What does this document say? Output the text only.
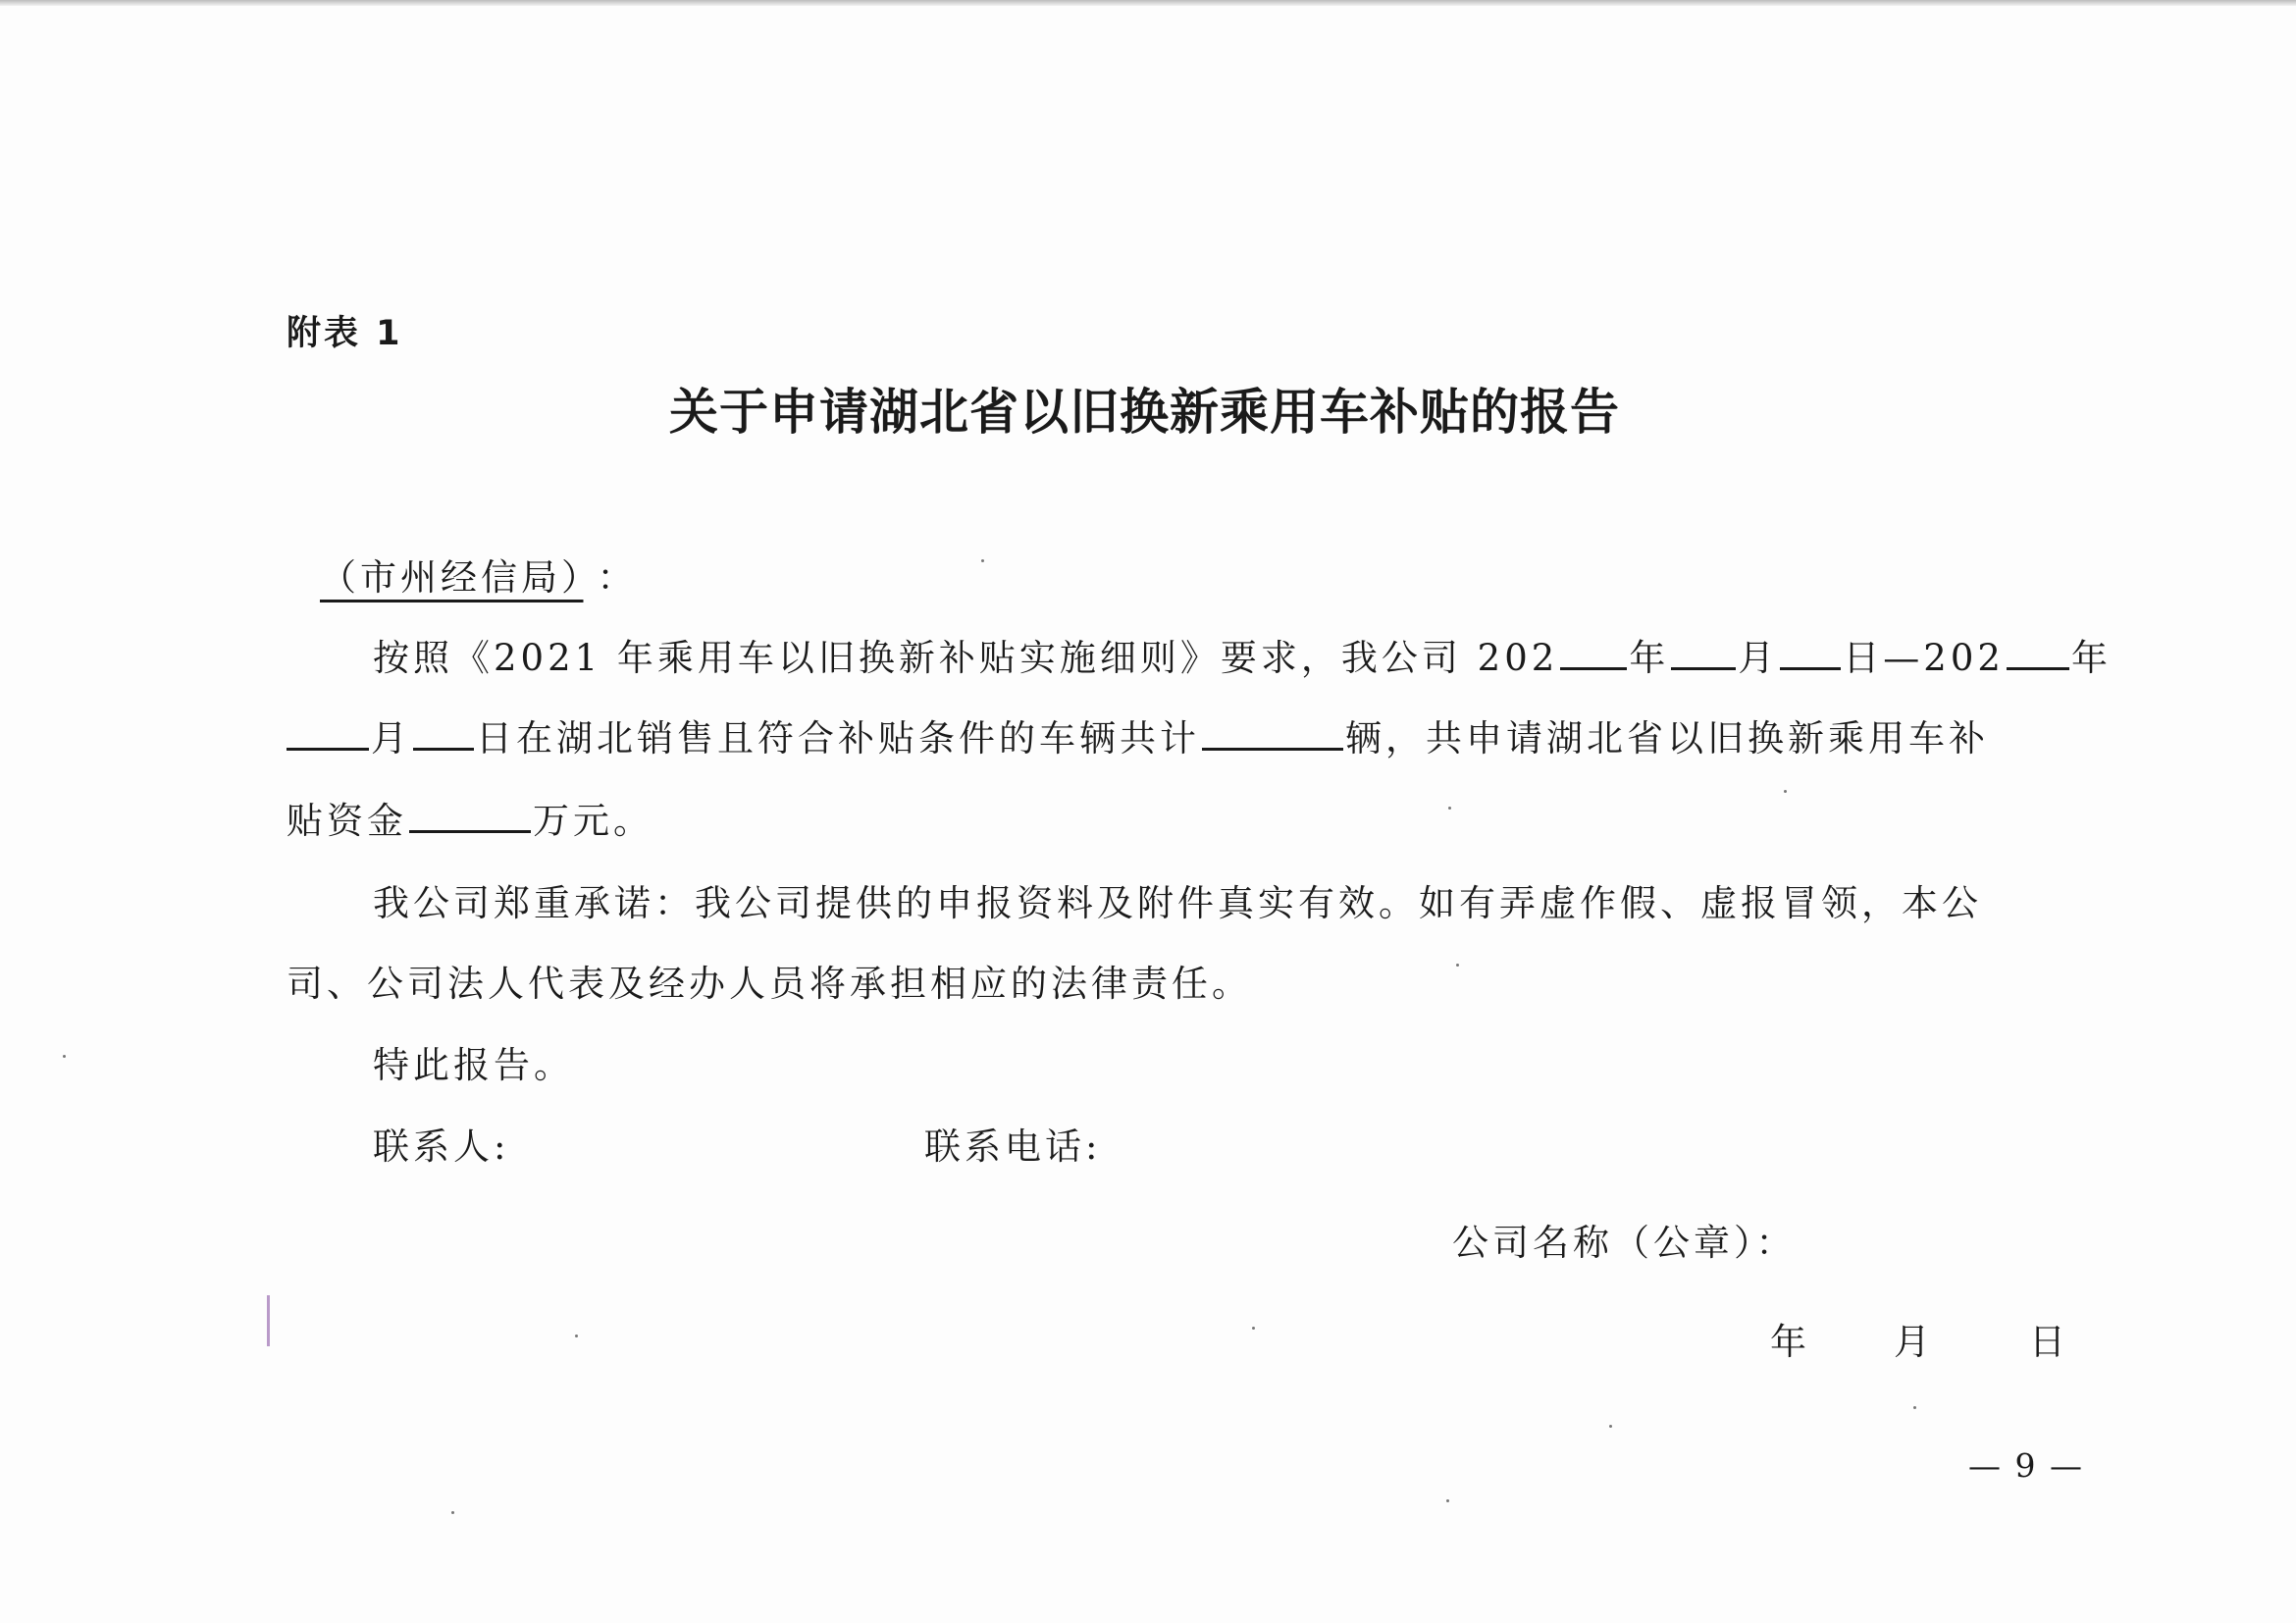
附表 1
关于申请湖北省以旧换新乘用车补贴的报告
（市州经信局） ：
按照《2021 年乘用车以旧换新补贴实施细则》要求，我公司 202 年 月 日—202 年
月 日在湖北销售且符合补贴条件的车辆共计	辆，共申请湖北省以旧换新乘用车补
贴资金	万元。
我公司郑重承诺：我公司提供的申报资料及附件真实有效。如有弄虚作假、虚报冒领，本公
司、公司法人代表及经办人员将承担相应的法律责任。
特此报告。
联系人:	联系电话:
公司名称（公章）：
年 月	日
— 9 —
